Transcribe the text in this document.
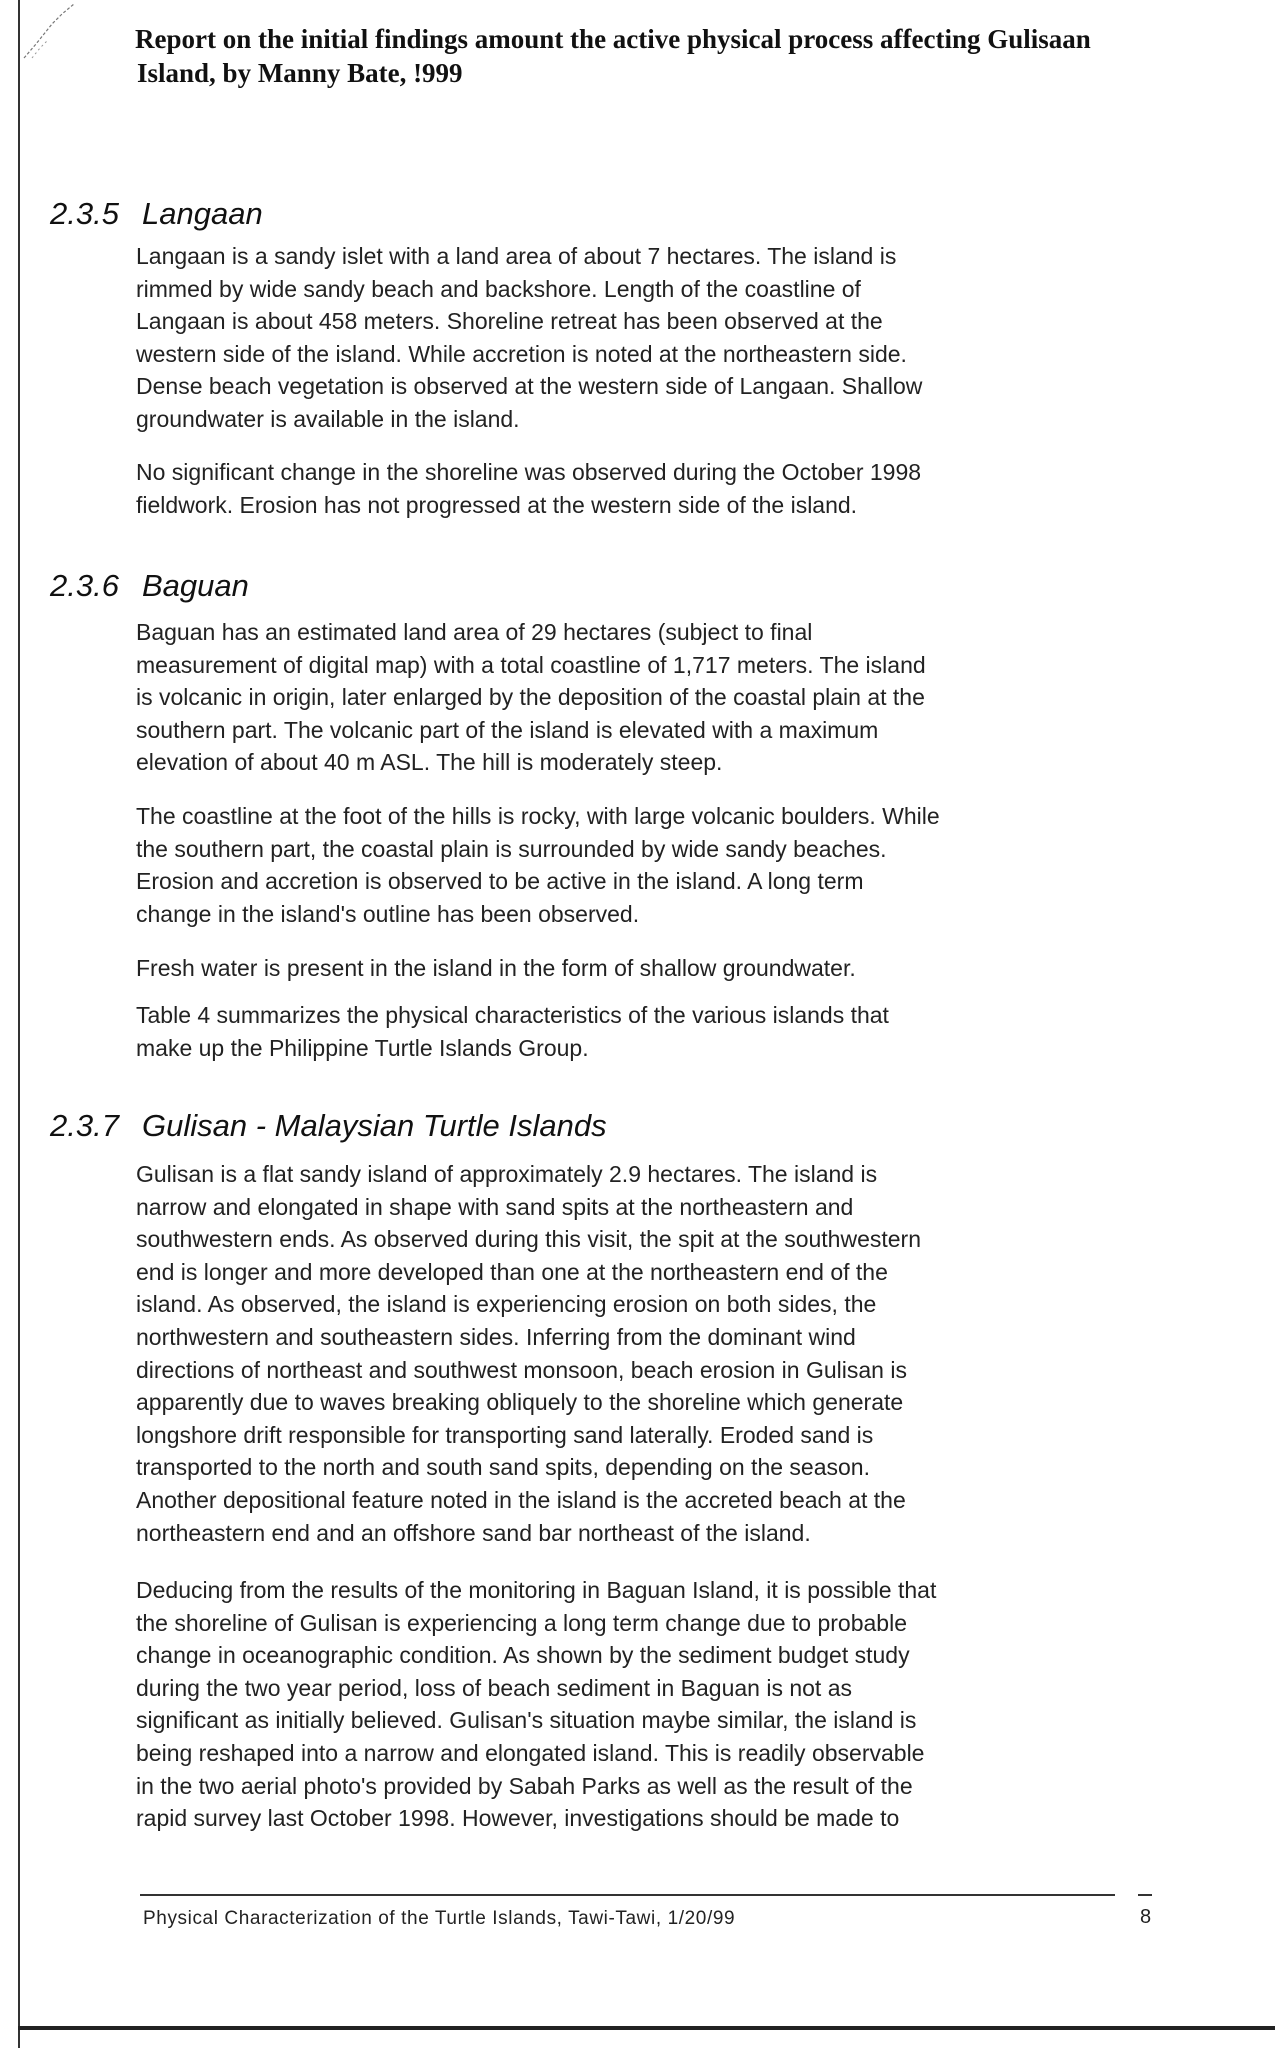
Report on the initial findings amount the active physical process affecting Gulisaan
Island, by Manny Bate, !999
2.3.5 Langaan
Langaan is a sandy islet with a land area of about 7 hectares. The island is
rimmed by wide sandy beach and backshore. Length of the coastline of
Langaan is about 458 meters. Shoreline retreat has been observed at the
western side of the island. While accretion is noted at the northeastern side.
Dense beach vegetation is observed at the western side of Langaan. Shallow
groundwater is available in the island.
No significant change in the shoreline was observed during the October 1998
fieldwork. Erosion has not progressed at the western side of the island.
2.3.6 Baguan
Baguan has an estimated land area of 29 hectares (subject to final
measurement of digital map) with a total coastline of 1,717 meters. The island
is volcanic in origin, later enlarged by the deposition of the coastal plain at the
southern part. The volcanic part of the island is elevated with a maximum
elevation of about 40 m ASL. The hill is moderately steep.
The coastline at the foot of the hills is rocky, with large volcanic boulders. While
the southern part, the coastal plain is surrounded by wide sandy beaches.
Erosion and accretion is observed to be active in the island. A long term
change in the island's outline has been observed.
Fresh water is present in the island in the form of shallow groundwater.
Table 4 summarizes the physical characteristics of the various islands that
make up the Philippine Turtle Islands Group.
2.3.7 Gulisan - Malaysian Turtle Islands
Gulisan is a flat sandy island of approximately 2.9 hectares. The island is
narrow and elongated in shape with sand spits at the northeastern and
southwestern ends. As observed during this visit, the spit at the southwestern
end is longer and more developed than one at the northeastern end of the
island. As observed, the island is experiencing erosion on both sides, the
northwestern and southeastern sides. Inferring from the dominant wind
directions of northeast and southwest monsoon, beach erosion in Gulisan is
apparently due to waves breaking obliquely to the shoreline which generate
longshore drift responsible for transporting sand laterally. Eroded sand is
transported to the north and south sand spits, depending on the season.
Another depositional feature noted in the island is the accreted beach at the
northeastern end and an offshore sand bar northeast of the island.
Deducing from the results of the monitoring in Baguan Island, it is possible that
the shoreline of Gulisan is experiencing a long term change due to probable
change in oceanographic condition. As shown by the sediment budget study
during the two year period, loss of beach sediment in Baguan is not as
significant as initially believed. Gulisan's situation maybe similar, the island is
being reshaped into a narrow and elongated island. This is readily observable
in the two aerial photo's provided by Sabah Parks as well as the result of the
rapid survey last October 1998. However, investigations should be made to
Physical Characterization of the Turtle Islands, Tawi-Tawi, 1/20/99	8
